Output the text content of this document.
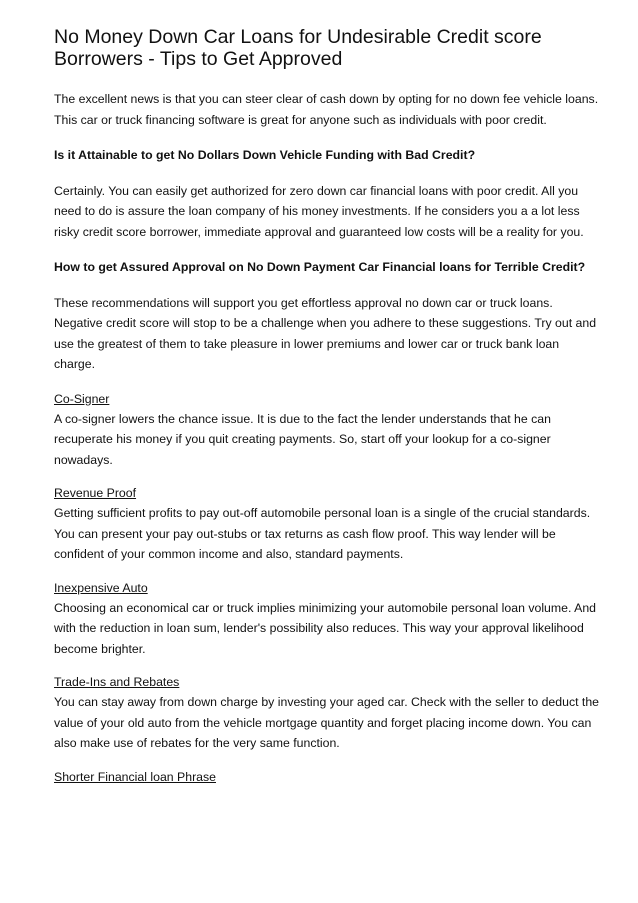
No Money Down Car Loans for Undesirable Credit score Borrowers - Tips to Get Approved

The excellent news is that you can steer clear of cash down by opting for no down fee vehicle loans. This car or truck financing software is great for anyone such as individuals with poor credit.

Is it Attainable to get No Dollars Down Vehicle Funding with Bad Credit?

Certainly. You can easily get authorized for zero down car financial loans with poor credit. All you need to do is assure the loan company of his money investments. If he considers you a a lot less risky credit score borrower, immediate approval and guaranteed low costs will be a reality for you.

How to get Assured Approval on No Down Payment Car Financial loans for Terrible Credit?

These recommendations will support you get effortless approval no down car or truck loans. Negative credit score will stop to be a challenge when you adhere to these suggestions. Try out and use the greatest of them to take pleasure in lower premiums and lower car or truck bank loan charge.

Co-Signer
A co-signer lowers the chance issue. It is due to the fact the lender understands that he can recuperate his money if you quit creating payments. So, start off your lookup for a co-signer nowadays.
Revenue Proof
Getting sufficient profits to pay out-off automobile personal loan is a single of the crucial standards. You can present your pay out-stubs or tax returns as cash flow proof. This way lender will be confident of your common income and also, standard payments.
Inexpensive Auto
Choosing an economical car or truck implies minimizing your automobile personal loan volume. And with the reduction in loan sum, lender's possibility also reduces. This way your approval likelihood become brighter.
Trade-Ins and Rebates
You can stay away from down charge by investing your aged car. Check with the seller to deduct the value of your old auto from the vehicle mortgage quantity and forget placing income down. You can also make use of rebates for the very same function.
Shorter Financial loan Phrase
